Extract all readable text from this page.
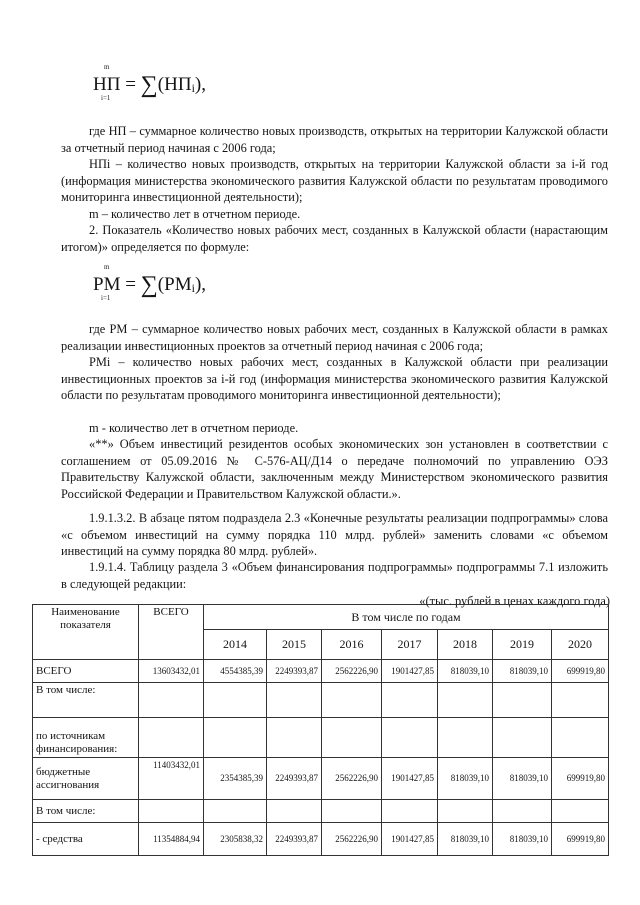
m
НП
i=1
= ∑(НПi),

где НП – суммарное количество новых производств, открытых на территории Калужской области за отчетный период начиная с 2006 года;

НПi – количество новых производств, открытых на территории Калужской области за i-й год (информация министерства экономического развития Калужской области по результатам проводимого мониторинга инвестиционной деятельности);

m – количество лет в отчетном периоде.

2. Показатель «Количество новых рабочих мест, созданных в Калужской области (нарастающим итогом)» определяется по формуле:

m
РМ
i=1
= ∑(РМi),

где РМ – суммарное количество новых рабочих мест, созданных в Калужской области в рамках реализации инвестиционных проектов за отчетный период начиная с 2006 года;

РМi – количество новых рабочих мест, созданных в Калужской области при реализации инвестиционных проектов за i-й год (информация министерства экономического развития Калужской области по результатам проводимого мониторинга инвестиционной деятельности);

m - количество лет в отчетном периоде.

«**» Объем инвестиций резидентов особых экономических зон установлен в соответствии с соглашением от 05.09.2016 № С-576-АЦ/Д14 о передаче полномочий по управлению ОЭЗ Правительству Калужской области, заключенным между Министерством экономического развития Российской Федерации и Правительством Калужской области.».

1.9.1.3.2. В абзаце пятом подраздела 2.3 «Конечные результаты реализации подпрограммы» слова «с объемом инвестиций на сумму порядка 110 млрд. рублей» заменить словами «с объемом инвестиций на сумму порядка 80 млрд. рублей».

1.9.1.4. Таблицу раздела 3 «Объем финансирования подпрограммы» подпрограммы 7.1 изложить в следующей редакции:

«(тыс. рублей в ценах каждого года)
Наименование показателя	ВСЕГО	В том числе по годам						
		2014	2015	2016	2017	2018	2019	2020
ВСЕГО	13603432,01	4554385,39	2249393,87	2562226,90	1901427,85	818039,10	818039,10	699919,80
В том числе:								
по источникам финансирования:								
бюджетные ассигнования	11403432,01	2354385,39	2249393,87	2562226,90	1901427,85	818039,10	818039,10	699919,80
В том числе:								
- средства	11354884,94	2305838,32	2249393,87	2562226,90	1901427,85	818039,10	818039,10	699919,80
